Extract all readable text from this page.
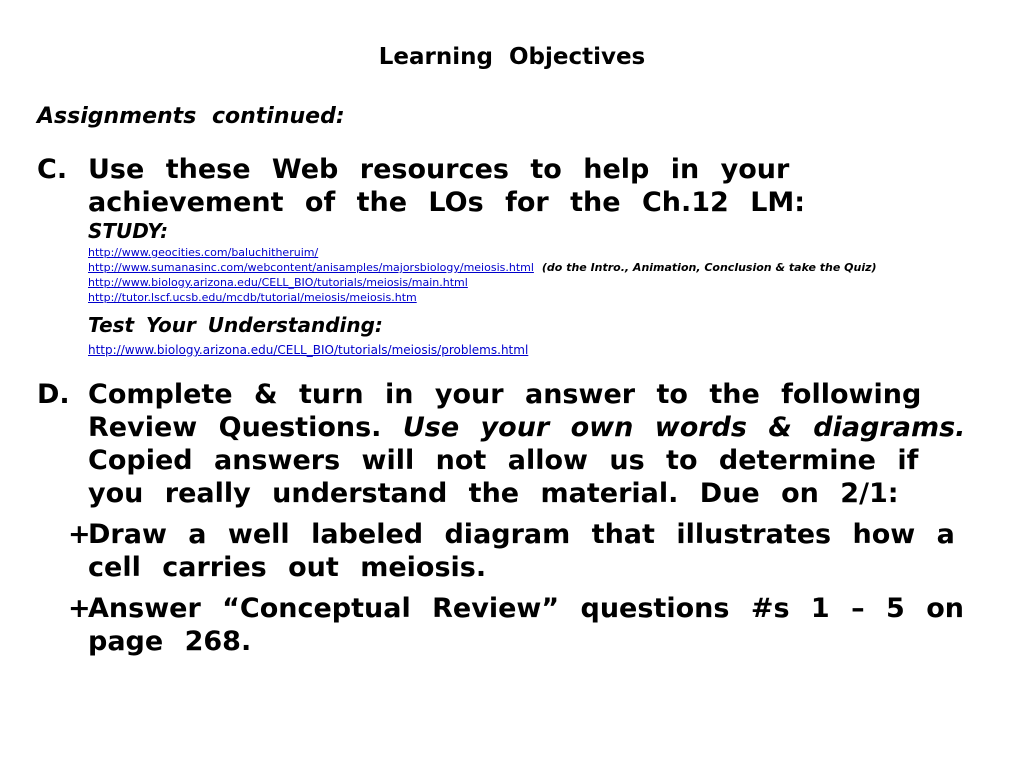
Learning Objectives
Assignments continued:
C. Use these Web resources to help in your achievement of the LOs for the Ch.12 LM:

STUDY:

http://www.geocities.com/baluchitheruim/
http://www.sumanasinc.com/webcontent/anisamples/majorsbiology/meiosis.html (do the Intro., Animation, Conclusion & take the Quiz)
http://www.biology.arizona.edu/CELL_BIO/tutorials/meiosis/main.html
http://tutor.lscf.ucsb.edu/mcdb/tutorial/meiosis/meiosis.htm

Test Your Understanding:

http://www.biology.arizona.edu/CELL_BIO/tutorials/meiosis/problems.html
D. Complete & turn in your answer to the following Review Questions. Use your own words & diagrams. Copied answers will not allow us to determine if you really understand the material. Due on 2/1:

+
Draw a well labeled diagram that illustrates how a cell carries out meiosis.
+
Answer “Conceptual Review” questions #s 1 – 5 on page 268.
